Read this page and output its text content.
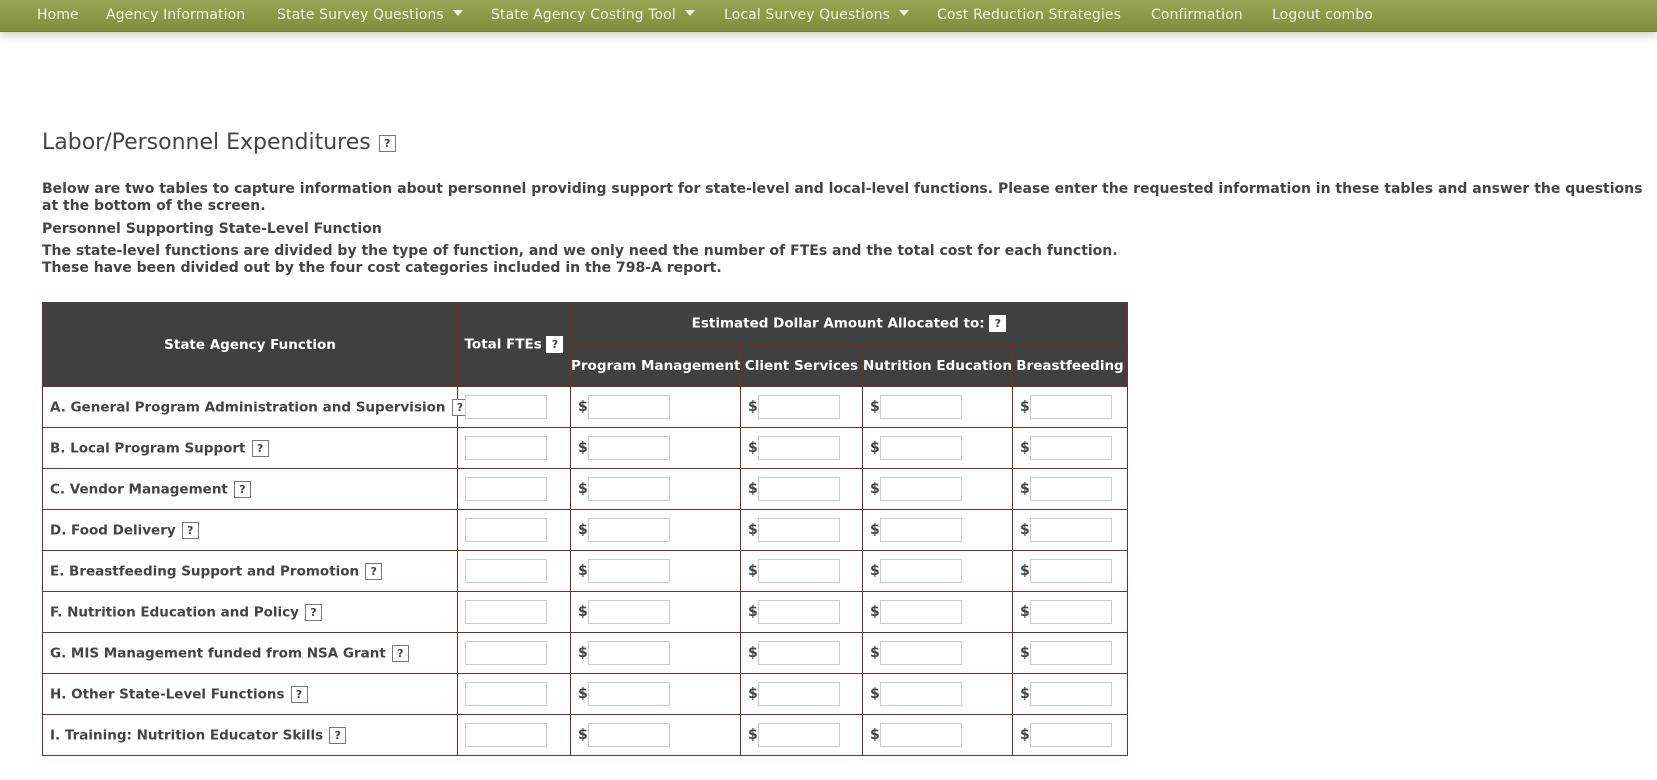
Home Agency Information State Survey Questions	State Agency Costing Tool	Local Survey Questions	Cost Reduction Strategies Confirmation Logout combo
Labor/Personnel Expenditures ?
Below are two tables to capture information about personnel providing support for state-level and local-level functions. Please enter the requested information in these tables and answer the questions at the bottom of the screen.
Personnel Supporting State-Level Function
The state-level functions are divided by the type of function, and we only need the number of FTEs and the total cost for each function.
These have been divided out by the four cost categories included in the 798-A report.
State Agency Function	Total FTEs ?	Estimated Dollar Amount Allocated to: ?			
		Program Management	Client Services	Nutrition Education	Breastfeeding
A. General Program Administration and Supervision ?		$	$	$	$
B. Local Program Support ?		$	$	$	$
C. Vendor Management ?		$	$	$	$
D. Food Delivery ?		$	$	$	$
E. Breastfeeding Support and Promotion ?		$	$	$	$
F. Nutrition Education and Policy ?		$	$	$	$
G. MIS Management funded from NSA Grant ?		$	$	$	$
H. Other State-Level Functions ?		$	$	$	$
I. Training: Nutrition Educator Skills ?		$	$	$	$
